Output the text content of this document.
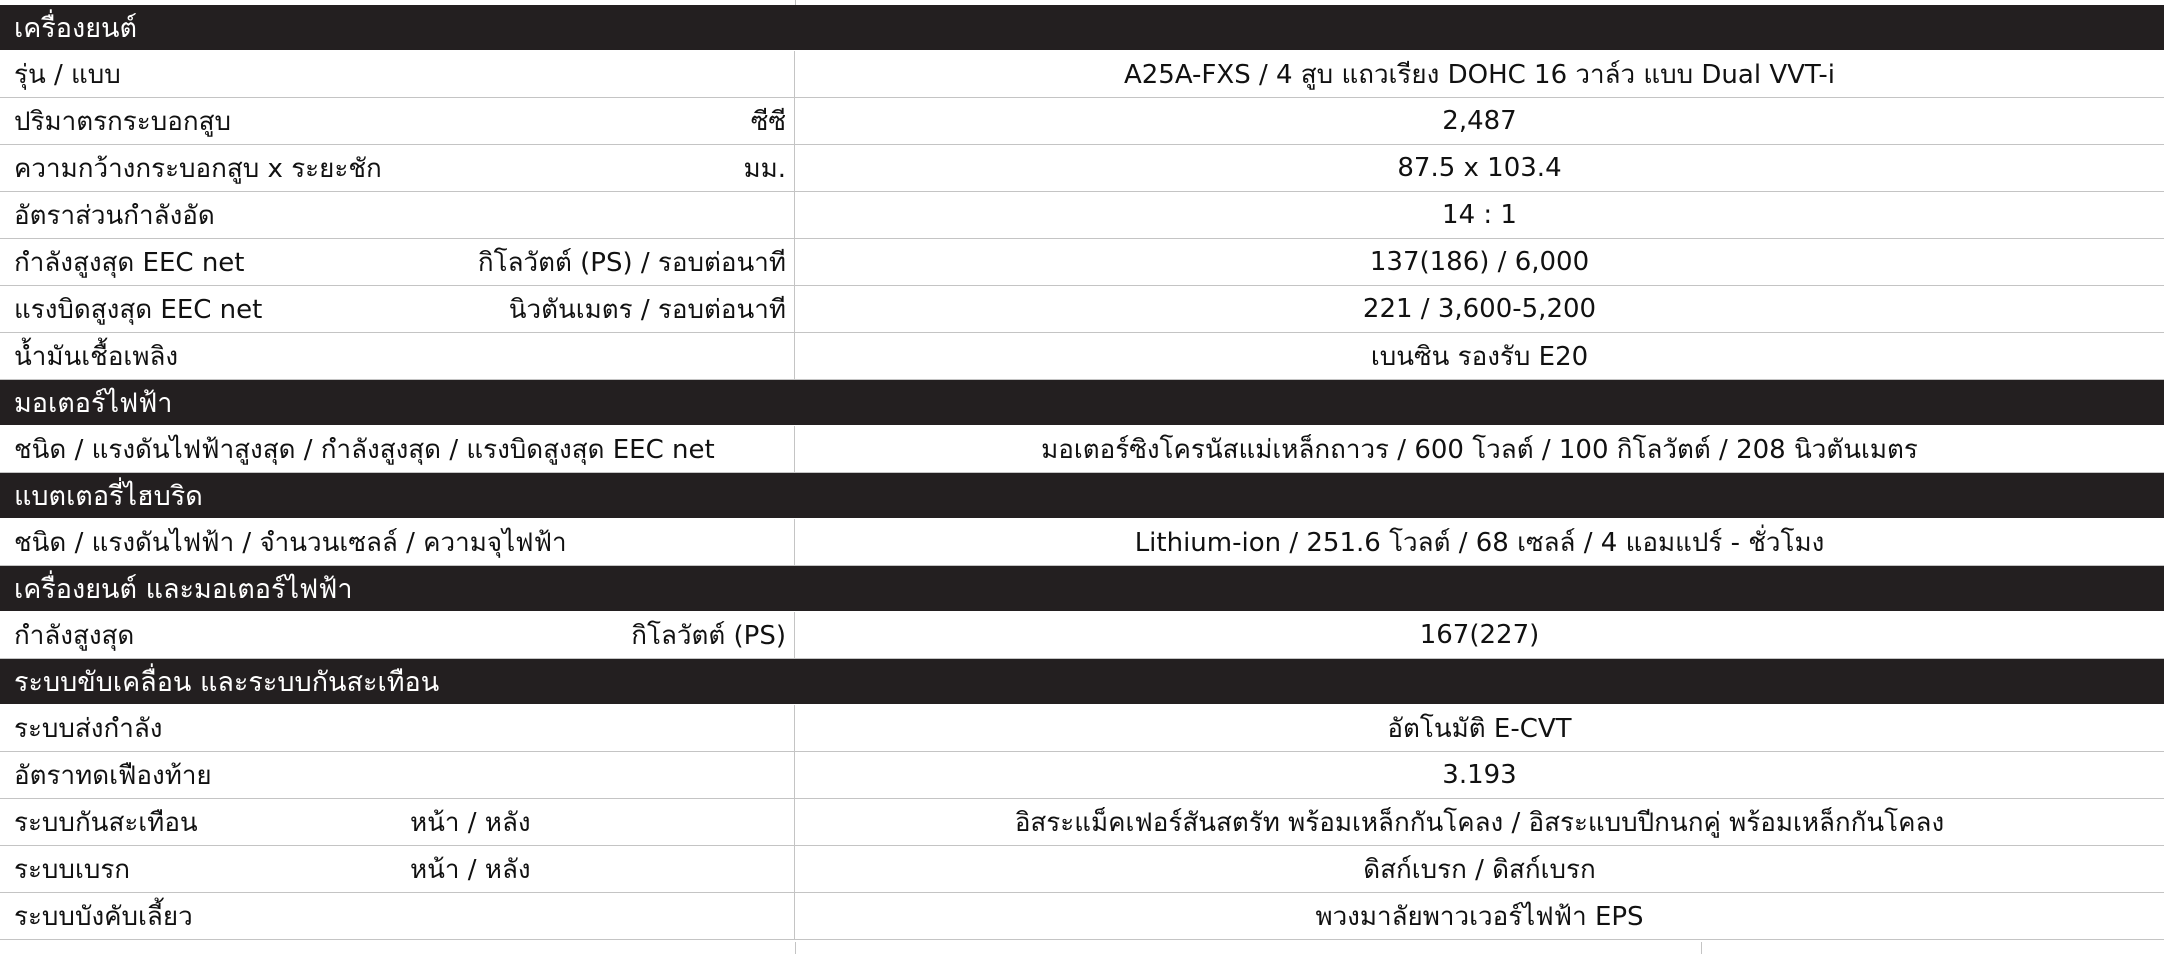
เครื่องยนต์
รุ่น / แบบ	A25A-FXS / 4 สูบ แถวเรียง DOHC 16 วาล์ว แบบ Dual VVT-i
ปริมาตรกระบอกสูบ	ซีซี	2,487
ความกว้างกระบอกสูบ x ระยะชัก	มม.	87.5 x 103.4
อัตราส่วนกำลังอัด	14 : 1
กำลังสูงสุด EEC net	กิโลวัตต์ (PS) / รอบต่อนาที	137(186) / 6,000
แรงบิดสูงสุด EEC net	นิวตันเมตร / รอบต่อนาที	221 / 3,600-5,200
น้ำมันเชื้อเพลิง	เบนซิน รองรับ E20
มอเตอร์ไฟฟ้า
ชนิด / แรงดันไฟฟ้าสูงสุด / กำลังสูงสุด / แรงบิดสูงสุด EEC net	มอเตอร์ซิงโครนัสแม่เหล็กถาวร / 600 โวลต์ / 100 กิโลวัตต์ / 208 นิวตันเมตร
แบตเตอรี่ไฮบริด
ชนิด / แรงดันไฟฟ้า / จำนวนเซลล์ / ความจุไฟฟ้า	Lithium-ion / 251.6 โวลต์ / 68 เซลล์ / 4 แอมแปร์ - ชั่วโมง
เครื่องยนต์ และมอเตอร์ไฟฟ้า
กำลังสูงสุด	กิโลวัตต์ (PS)	167(227)
ระบบขับเคลื่อน และระบบกันสะเทือน
ระบบส่งกำลัง	อัตโนมัติ E-CVT
อัตราทดเฟืองท้าย	3.193
ระบบกันสะเทือน	หน้า / หลัง	อิสระแม็คเฟอร์สันสตรัท พร้อมเหล็กกันโคลง / อิสระแบบปีกนกคู่ พร้อมเหล็กกันโคลง
ระบบเบรก	หน้า / หลัง	ดิสก์เบรก / ดิสก์เบรก
ระบบบังคับเลี้ยว	พวงมาลัยพาวเวอร์ไฟฟ้า EPS
